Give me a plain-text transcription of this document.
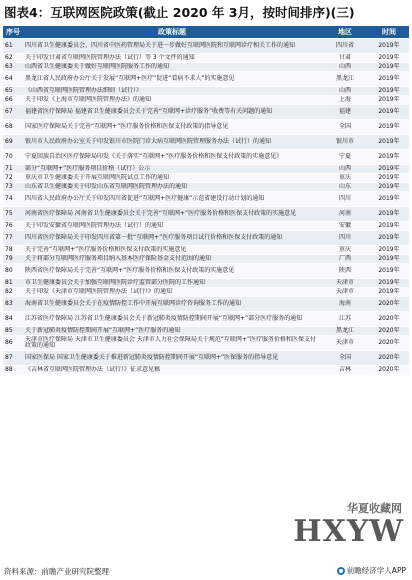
图表4：互联网医院政策(截止 2020 年 3月，按时间排序)(三)
序号	政策标题	地区	时间
61	四川省卫生健康委员会、四川省中医药管理局关于进一步做好互联网医院和互联网诊疗相关工作的通知	四川省	2019年
62	关于印发甘肃省互联网医院管理办法（试行）等 3 个文件的通知	甘肃	2019年
63	山西省卫生健康委关于做好互联网医院服务工作的通知	山西	2019年
64	黑龙江省人民政府办公厅关于发展“互联网+医疗”促进“看病不求人”的实施意见	黑龙江	2019年
65	《山西省互联网医院管理办法细则（试行）》	山西	2019年
66	关于印发《上海市互联网医院管理办法》的通知	上海	2019年
67	福建省医疗保障局 福建省卫生健康委员会关于完善“互联网+诊疗服务”收费等有关问题的通知	福建	2019年
68	国家医疗保障局关于完善“互联网+”医疗服务价格和医保支付政策的指导意见	全国	2019年
69	银川市人民政府办公室关于印发银川市医院门诊大病互联网医院管理服务办法（试行）的通知	银川市	2019年
70	宁夏回族自治区医疗保障局印发《关于落实“互联网+”医疗服务价格和医保支付政策的实施意见》	宁夏	2019年
71	部分“互联网+”医疗服务项目价格（试行）公示	山西	2019年
72	重庆市卫生健康委关于开展互联网医院试点工作的通知	重庆	2019年
73	山东省卫生健康委关于印发山东省互联网医院管理办法的通知	山东	2019年
74	四川省人民政府办公厅关于印发四川省促进“互联网+医疗健康”示范省建设行动计划的通知	四川	2019年
75	河南省医疗保障局 河南省卫生健康委员会关于完善“互联网+”医疗服务价格和医保支付政策的实施意见	河南	2019年
76	关于印发安徽省互联网医院管理办法（试行）的通知	安徽	2019年
77	四川省医疗保障局关于印发四川省第一批“互联网+”医疗服务项目试行价格和医保支付政策的通知	四川	2019年
78	关于完善“互联网+”医疗服务价格和医保支付政策的实施意见	重庆	2019年
79	关于将部分互联网医疗服务项目纳入基本医疗保险基金支付范围的通知	广西	2019年
80	陕西省医疗保障局关于完善“互联网+”医疗服务价格和医保支付政策的实施意见	陕西	2019年
81	市卫生健康委员会关于加强互联网医院诊疗监管部分医院的工作通知	天津市	2019年
82	关于印发《天津市互联网医院管理办法（试行）》的通知	天津市	2019年
83	海南省卫生健康委员会关于在疫情防控工作中开展互联网诊疗咨询服务工作的通知	海南	2020年
84	江苏省医疗保障局 江苏省卫生健康委员会关于新冠肺炎疫情防控期间开展“互联网+”部分医疗服务的通知	江苏	2020年
85	关于新冠肺炎疫情防控期间开展“互联网+”医疗服务的通知	黑龙江	2020年
86	天津市医疗保障局 天津市卫生健康委员会 天津市人力社会保障局关于规范“互联网+”医疗服务价格和医保支付政策的通知	天津市	2020年
87	国家医保局 国家卫生健康委关于推进新冠肺炎疫情防控期间开展“互联网+”医保服务的指导意见	全国	2020年
88	《吉林省互联网医院管理办法（试行）》征求意见稿	吉林	2020年
华夏收藏网
HXYW
资料来源：前瞻产业研究院整理	前瞻经济学人APP
